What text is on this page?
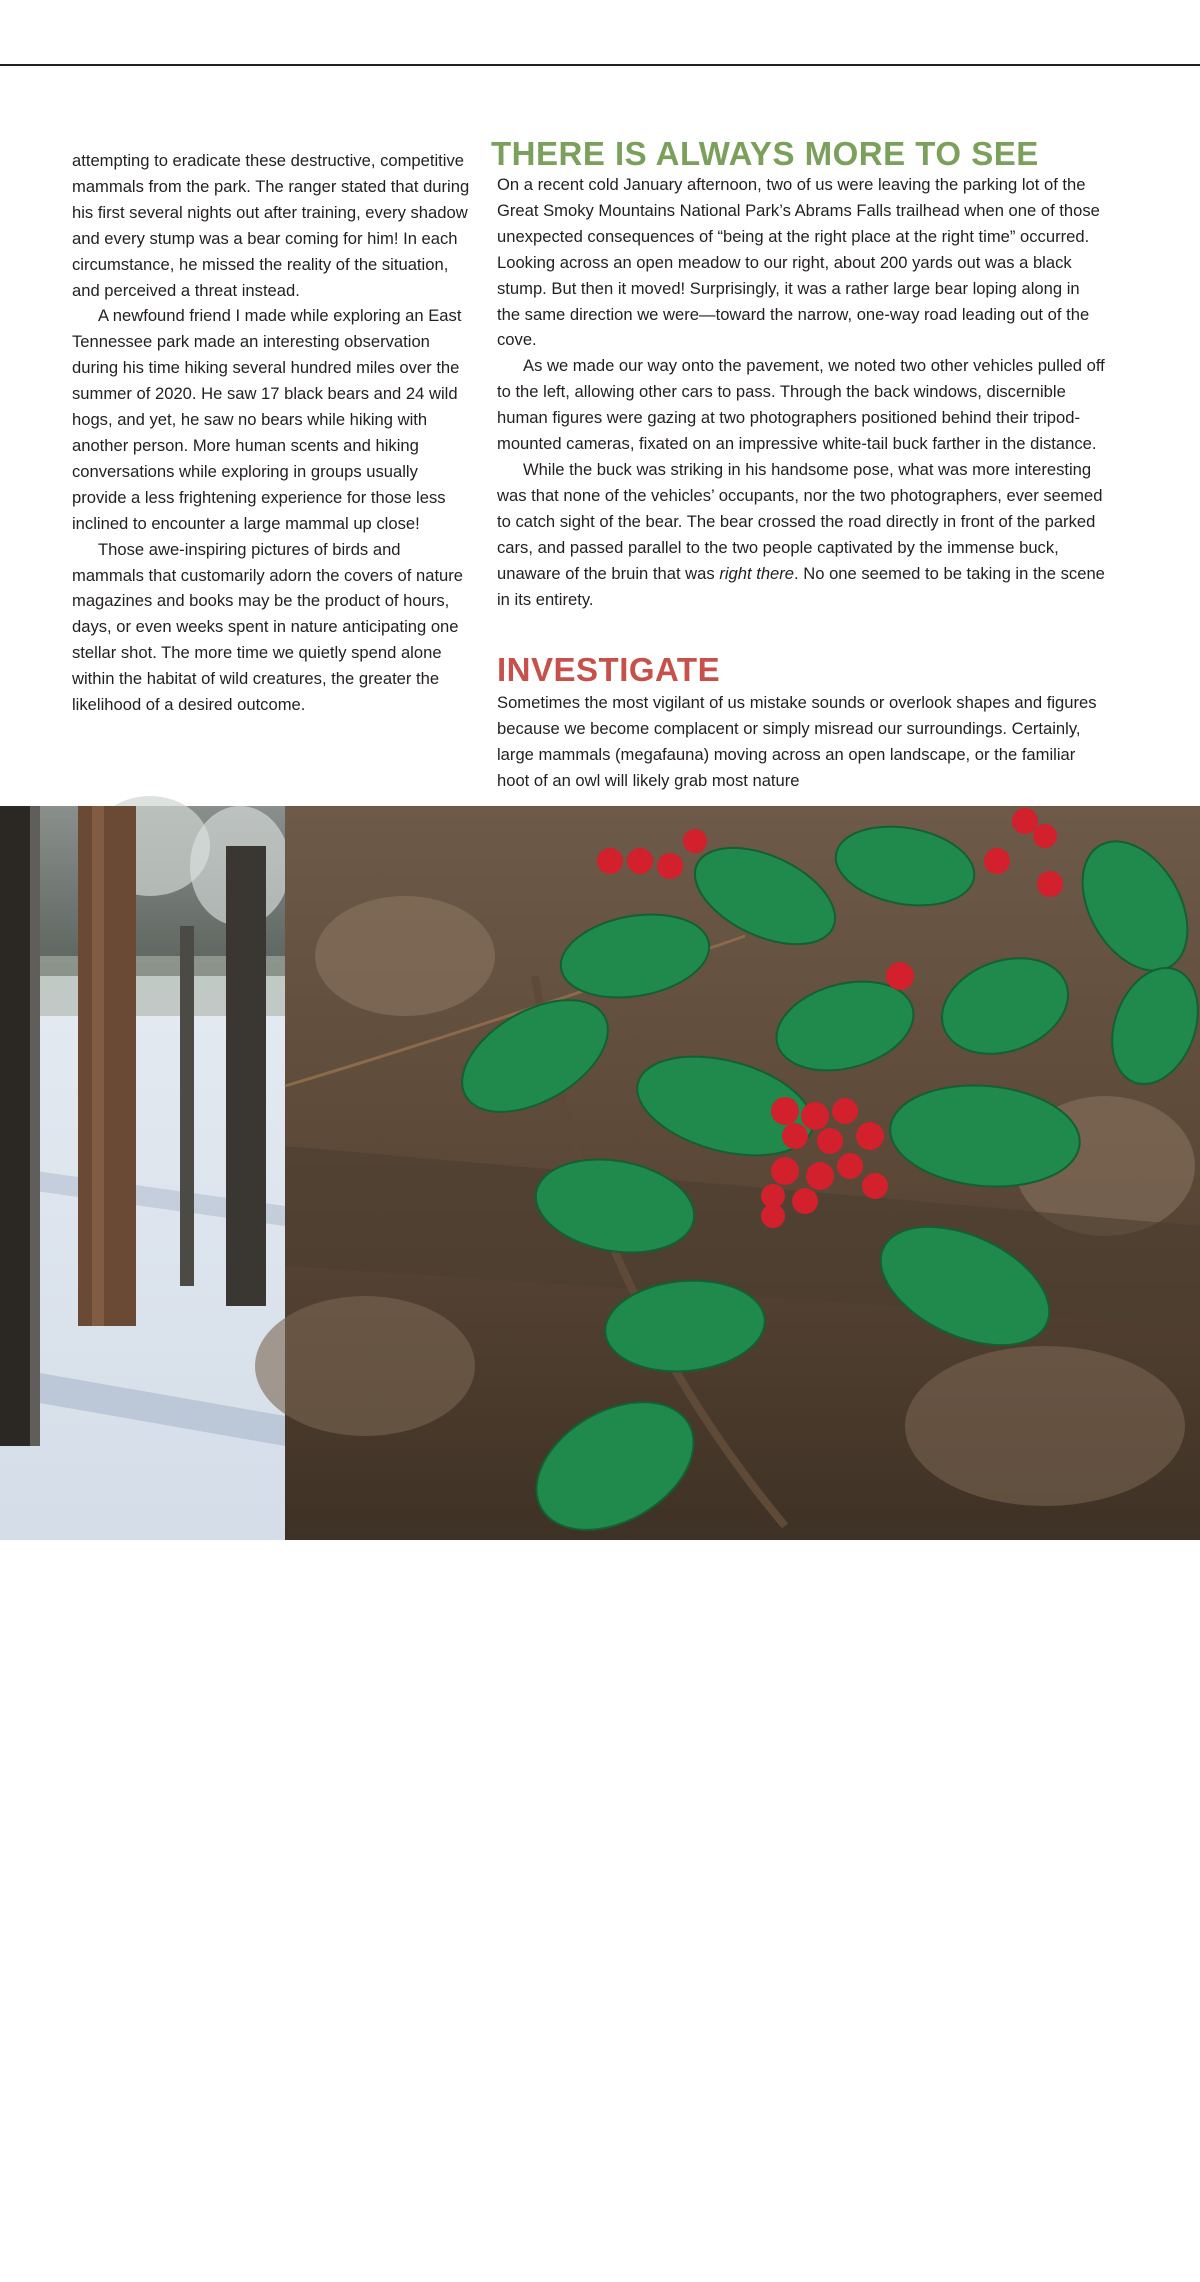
attempting to eradicate these destructive, competitive mammals from the park. The ranger stated that during his first several nights out after training, every shadow and every stump was a bear coming for him! In each circumstance, he missed the reality of the situation, and perceived a threat instead.

A newfound friend I made while exploring an East Tennessee park made an interesting observation during his time hiking several hundred miles over the summer of 2020. He saw 17 black bears and 24 wild hogs, and yet, he saw no bears while hiking with another person. More human scents and hiking conversations while exploring in groups usually provide a less frightening experience for those less inclined to encounter a large mammal up close!

Those awe-inspiring pictures of birds and mammals that customarily adorn the covers of nature magazines and books may be the product of hours, days, or even weeks spent in nature anticipating one stellar shot. The more time we quietly spend alone within the habitat of wild creatures, the greater the likelihood of a desired outcome.

THERE IS ALWAYS MORE TO SEE

On a recent cold January afternoon, two of us were leaving the parking lot of the Great Smoky Mountains National Park’s Abrams Falls trailhead when one of those unexpected consequences of “being at the right place at the right time” occurred. Looking across an open meadow to our right, about 200 yards out was a black stump. But then it moved! Surprisingly, it was a rather large bear loping along in the same direction we were—toward the narrow, one-way road leading out of the cove.

As we made our way onto the pavement, we noted two other vehicles pulled off to the left, allowing other cars to pass. Through the back windows, discernible human figures were gazing at two photographers positioned behind their tripod-mounted cameras, fixated on an impressive white-tail buck farther in the distance.

While the buck was striking in his handsome pose, what was more interesting was that none of the vehicles’ occupants, nor the two photographers, ever seemed to catch sight of the bear. The bear crossed the road directly in front of the parked cars, and passed parallel to the two people captivated by the immense buck, unaware of the bruin that was right there. No one seemed to be taking in the scene in its entirety.

INVESTIGATE

Sometimes the most vigilant of us mistake sounds or overlook shapes and figures because we become complacent or simply misread our surroundings. Certainly, large mammals (megafauna) moving across an open landscape, or the familiar hoot of an owl will likely grab most nature

tnconservationist.org 23
